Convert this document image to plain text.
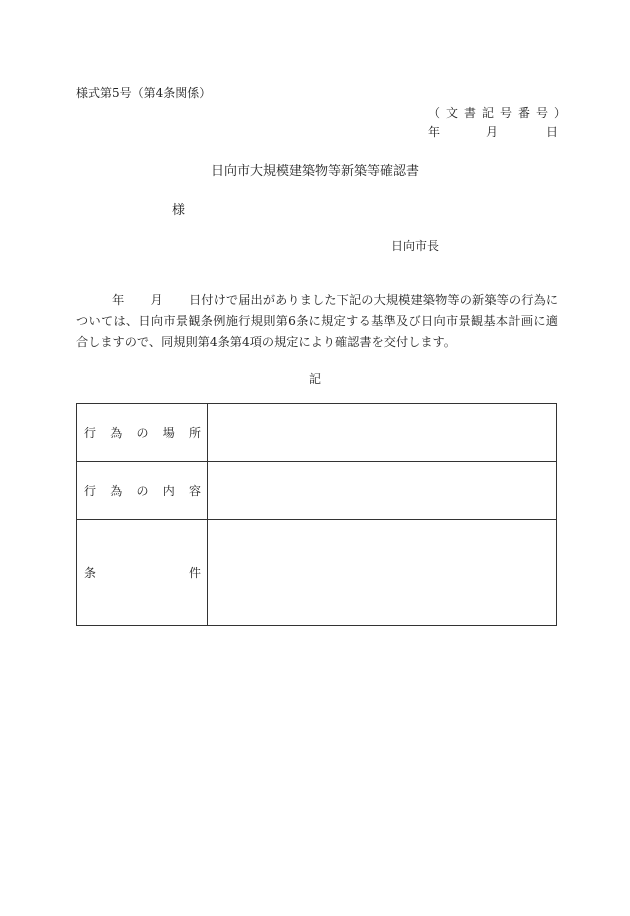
様式第5号（第4条関係）
（文書記号番号）
年	月	日
日向市大規模建築物等新築等確認書
様
日向市長
年 月 日付けで届出がありました下記の大規模建築物等の新築等の行為については、日向市景観条例施行規則第6条に規定する基準及び日向市景観基本計画に適合しますので、同規則第4条第4項の規定により確認書を交付します。
記
行 為 の 場 所	

行 為 の 内 容	

条 件	
